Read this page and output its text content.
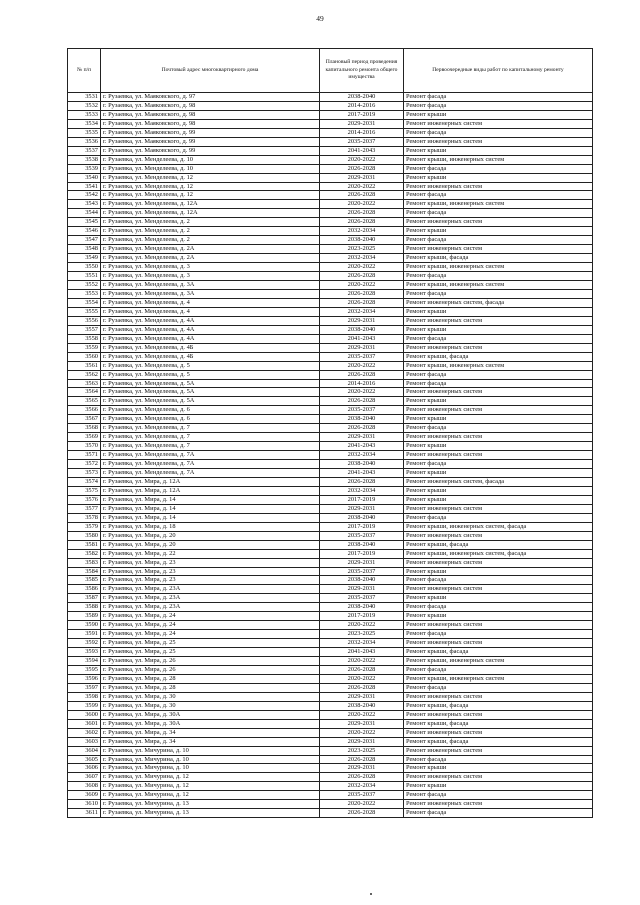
49
№ п/п	Почтовый адрес многоквартирного дома	Плановый период проведения капитального ремонта общего имущества	Первоочередные виды работ по капитальному ремонту
3531	г. Рузаевка, ул. Маяковского, д. 97	2038-2040	Ремонт фасада
3532	г. Рузаевка, ул. Маяковского, д. 98	2014-2016	Ремонт фасада
3533	г. Рузаевка, ул. Маяковского, д. 98	2017-2019	Ремонт крыши
3534	г. Рузаевка, ул. Маяковского, д. 98	2029-2031	Ремонт инженерных систем
3535	г. Рузаевка, ул. Маяковского, д. 99	2014-2016	Ремонт фасада
3536	г. Рузаевка, ул. Маяковского, д. 99	2035-2037	Ремонт инженерных систем
3537	г. Рузаевка, ул. Маяковского, д. 99	2041-2043	Ремонт крыши
3538	г. Рузаевка, ул. Менделеева, д. 10	2020-2022	Ремонт крыши, инженерных систем
3539	г. Рузаевка, ул. Менделеева, д. 10	2026-2028	Ремонт фасада
3540	г. Рузаевка, ул. Менделеева, д. 12	2029-2031	Ремонт крыши
3541	г. Рузаевка, ул. Менделеева, д. 12	2020-2022	Ремонт инженерных систем
3542	г. Рузаевка, ул. Менделеева, д. 12	2026-2028	Ремонт фасада
3543	г. Рузаевка, ул. Менделеева, д. 12А	2020-2022	Ремонт крыши, инженерных систем
3544	г. Рузаевка, ул. Менделеева, д. 12А	2026-2028	Ремонт фасада
3545	г. Рузаевка, ул. Менделеева, д. 2	2026-2028	Ремонт инженерных систем
3546	г. Рузаевка, ул. Менделеева, д. 2	2032-2034	Ремонт крыши
3547	г. Рузаевка, ул. Менделеева, д. 2	2038-2040	Ремонт фасада
3548	г. Рузаевка, ул. Менделеева, д. 2А	2023-2025	Ремонт инженерных систем
3549	г. Рузаевка, ул. Менделеева, д. 2А	2032-2034	Ремонт крыши, фасада
3550	г. Рузаевка, ул. Менделеева, д. 3	2020-2022	Ремонт крыши, инженерных систем
3551	г. Рузаевка, ул. Менделеева, д. 3	2026-2028	Ремонт фасада
3552	г. Рузаевка, ул. Менделеева, д. 3А	2020-2022	Ремонт крыши, инженерных систем
3553	г. Рузаевка, ул. Менделеева, д. 3А	2026-2028	Ремонт фасада
3554	г. Рузаевка, ул. Менделеева, д. 4	2026-2028	Ремонт инженерных систем, фасада
3555	г. Рузаевка, ул. Менделеева, д. 4	2032-2034	Ремонт крыши
3556	г. Рузаевка, ул. Менделеева, д. 4А	2029-2031	Ремонт инженерных систем
3557	г. Рузаевка, ул. Менделеева, д. 4А	2038-2040	Ремонт крыши
3558	г. Рузаевка, ул. Менделеева, д. 4А	2041-2043	Ремонт фасада
3559	г. Рузаевка, ул. Менделеева, д. 4Б	2029-2031	Ремонт инженерных систем
3560	г. Рузаевка, ул. Менделеева, д. 4Б	2035-2037	Ремонт крыши, фасада
3561	г. Рузаевка, ул. Менделеева, д. 5	2020-2022	Ремонт крыши, инженерных систем
3562	г. Рузаевка, ул. Менделеева, д. 5	2026-2028	Ремонт фасада
3563	г. Рузаевка, ул. Менделеева, д. 5А	2014-2016	Ремонт фасада
3564	г. Рузаевка, ул. Менделеева, д. 5А	2020-2022	Ремонт инженерных систем
3565	г. Рузаевка, ул. Менделеева, д. 5А	2026-2028	Ремонт крыши
3566	г. Рузаевка, ул. Менделеева, д. 6	2035-2037	Ремонт инженерных систем
3567	г. Рузаевка, ул. Менделеева, д. 6	2038-2040	Ремонт крыши
3568	г. Рузаевка, ул. Менделеева, д. 7	2026-2028	Ремонт фасада
3569	г. Рузаевка, ул. Менделеева, д. 7	2029-2031	Ремонт инженерных систем
3570	г. Рузаевка, ул. Менделеева, д. 7	2041-2043	Ремонт крыши
3571	г. Рузаевка, ул. Менделеева, д. 7А	2032-2034	Ремонт инженерных систем
3572	г. Рузаевка, ул. Менделеева, д. 7А	2038-2040	Ремонт фасада
3573	г. Рузаевка, ул. Менделеева, д. 7А	2041-2043	Ремонт крыши
3574	г. Рузаевка, ул. Мира, д. 12А	2026-2028	Ремонт инженерных систем, фасада
3575	г. Рузаевка, ул. Мира, д. 12А	2032-2034	Ремонт крыши
3576	г. Рузаевка, ул. Мира, д. 14	2017-2019	Ремонт крыши
3577	г. Рузаевка, ул. Мира, д. 14	2029-2031	Ремонт инженерных систем
3578	г. Рузаевка, ул. Мира, д. 14	2038-2040	Ремонт фасада
3579	г. Рузаевка, ул. Мира, д. 18	2017-2019	Ремонт крыши, инженерных систем, фасада
3580	г. Рузаевка, ул. Мира, д. 20	2035-2037	Ремонт инженерных систем
3581	г. Рузаевка, ул. Мира, д. 20	2038-2040	Ремонт крыши, фасада
3582	г. Рузаевка, ул. Мира, д. 22	2017-2019	Ремонт крыши, инженерных систем, фасада
3583	г. Рузаевка, ул. Мира, д. 23	2029-2031	Ремонт инженерных систем
3584	г. Рузаевка, ул. Мира, д. 23	2035-2037	Ремонт крыши
3585	г. Рузаевка, ул. Мира, д. 23	2038-2040	Ремонт фасада
3586	г. Рузаевка, ул. Мира, д. 23А	2029-2031	Ремонт инженерных систем
3587	г. Рузаевка, ул. Мира, д. 23А	2035-2037	Ремонт крыши
3588	г. Рузаевка, ул. Мира, д. 23А	2038-2040	Ремонт фасада
3589	г. Рузаевка, ул. Мира, д. 24	2017-2019	Ремонт крыши
3590	г. Рузаевка, ул. Мира, д. 24	2020-2022	Ремонт инженерных систем
3591	г. Рузаевка, ул. Мира, д. 24	2023-2025	Ремонт фасада
3592	г. Рузаевка, ул. Мира, д. 25	2032-2034	Ремонт инженерных систем
3593	г. Рузаевка, ул. Мира, д. 25	2041-2043	Ремонт крыши, фасада
3594	г. Рузаевка, ул. Мира, д. 26	2020-2022	Ремонт крыши, инженерных систем
3595	г. Рузаевка, ул. Мира, д. 26	2026-2028	Ремонт фасада
3596	г. Рузаевка, ул. Мира, д. 28	2020-2022	Ремонт крыши, инженерных систем
3597	г. Рузаевка, ул. Мира, д. 28	2026-2028	Ремонт фасада
3598	г. Рузаевка, ул. Мира, д. 30	2029-2031	Ремонт инженерных систем
3599	г. Рузаевка, ул. Мира, д. 30	2038-2040	Ремонт крыши, фасада
3600	г. Рузаевка, ул. Мира, д. 30А	2020-2022	Ремонт инженерных систем
3601	г. Рузаевка, ул. Мира, д. 30А	2029-2031	Ремонт крыши, фасада
3602	г. Рузаевка, ул. Мира, д. 34	2020-2022	Ремонт инженерных систем
3603	г. Рузаевка, ул. Мира, д. 34	2029-2031	Ремонт крыши, фасада
3604	г. Рузаевка, ул. Мичурина, д. 10	2023-2025	Ремонт инженерных систем
3605	г. Рузаевка, ул. Мичурина, д. 10	2026-2028	Ремонт фасада
3606	г. Рузаевка, ул. Мичурина, д. 10	2029-2031	Ремонт крыши
3607	г. Рузаевка, ул. Мичурина, д. 12	2026-2028	Ремонт инженерных систем
3608	г. Рузаевка, ул. Мичурина, д. 12	2032-2034	Ремонт крыши
3609	г. Рузаевка, ул. Мичурина, д. 12	2035-2037	Ремонт фасада
3610	г. Рузаевка, ул. Мичурина, д. 13	2020-2022	Ремонт инженерных систем
3611	г. Рузаевка, ул. Мичурина, д. 13	2026-2028	Ремонт фасада
